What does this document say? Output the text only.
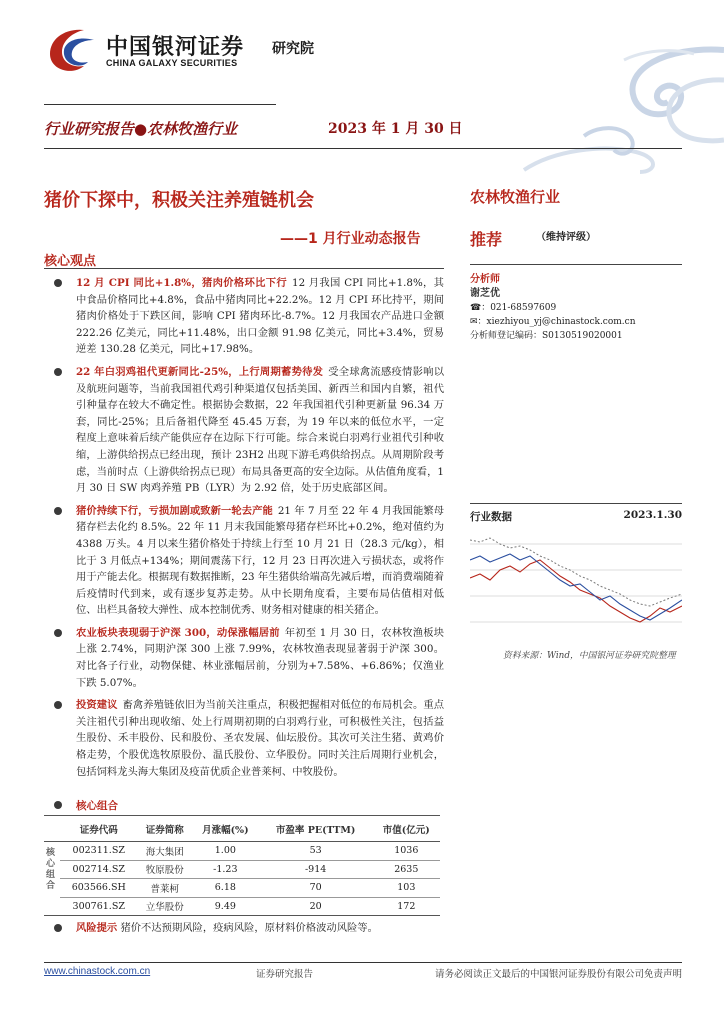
中国银河证券 研究院
CHINA GALAXY SECURITIES
行业研究报告●农林牧渔行业	2023 年 1 月 30 日
猪价下探中，积极关注养殖链机会
——1 月行业动态报告
核心观点
12 月 CPI 同比+1.8%，猪肉价格环比下行 12 月我国 CPI 同比+1.8%，其中食品价格同比+4.8%，食品中猪肉同比+22.2%。12 月 CPI 环比持平，期间猪肉价格处于下跌区间，影响 CPI 猪肉环比-8.7%。12 月我国农产品进口金额 222.26 亿美元，同比+11.48%，出口金额 91.98 亿美元，同比+3.4%，贸易逆差 130.28 亿美元，同比+17.98%。
22 年白羽鸡祖代更新同比-25%，上行周期蓄势待发 受全球禽流感疫情影响以及航班问题等，当前我国祖代鸡引种渠道仅包括美国、新西兰和国内自繁，祖代引种量存在较大不确定性。根据协会数据，22 年我国祖代引种更新量 96.34 万套，同比-25%；且后备祖代降至 45.45 万套，为 19 年以来的低位水平，一定程度上意味着后续产能供应存在边际下行可能。综合来说白羽鸡行业祖代引种收缩，上游供给拐点已经出现，预计 23H2 出现下游毛鸡供给拐点。从周期阶段考虑，当前时点（上游供给拐点已现）布局具备更高的安全边际。从估值角度看，1 月 30 日 SW 肉鸡养殖 PB（LYR）为 2.92 倍，处于历史底部区间。
猪价持续下行，亏损加剧或致新一轮去产能 21 年 7 月至 22 年 4 月我国能繁母猪存栏去化约 8.5%。22 年 11 月末我国能繁母猪存栏环比+0.2%，绝对值约为 4388 万头。4 月以来生猪价格处于持续上行至 10 月 21 日（28.3 元/kg），相比于 3 月低点+134%；期间震荡下行，12 月 23 日再次进入亏损状态，或将作用于产能去化。根据现有数据推断，23 年生猪供给端高先减后增，而消费端随着后疫情时代到来，或有逐步复苏走势。从中长期角度看，主要布局估值相对低位、出栏具备较大弹性、成本控制优秀、财务相对健康的相关猪企。
农业板块表现弱于沪深 300，动保涨幅居前 年初至 1 月 30 日，农林牧渔板块上涨 2.74%，同期沪深 300 上涨 7.99%，农林牧渔表现显著弱于沪深 300。对比各子行业，动物保健、林业涨幅居前，分别为+7.58%、+6.86%；仅渔业下跌 5.07%。
投资建议 畜禽养殖链依旧为当前关注重点，积极把握相对低位的布局机会。重点关注祖代引种出现收缩、处上行周期初期的白羽鸡行业，可积极性关注，包括益生股份、禾丰股份、民和股份、圣农发展、仙坛股份。其次可关注生猪、黄鸡价格走势，个股优选牧原股份、温氏股份、立华股份。同时关注后周期行业机会，包括饲料龙头海大集团及疫苗优质企业普莱柯、中牧股份。
农林牧渔行业
推荐	（维持评级）
分析师
谢芝优
☎：021-68597609
✉：xiezhiyou_yj@chinastock.com.cn
分析师登记编码：S0130519020001
行业数据	2023.1.30
资料来源：Wind，中国银河证券研究院整理
核心组合
	证券代码	证券简称	月涨幅(%)	市盈率 PE(TTM)	市值(亿元)
	002311.SZ	海大集团	1.00	53	1036
	002714.SZ	牧原股份	-1.23	-914	2635
	603566.SH	普莱柯	6.18	70	103
	300761.SZ	立华股份	9.49	20	172
核心组合
风险提示 猪价不达预期风险，疫病风险，原材料价格波动风险等。
www.chinastock.com.cn	证券研究报告	请务必阅读正文最后的中国银河证券股份有限公司免责声明
